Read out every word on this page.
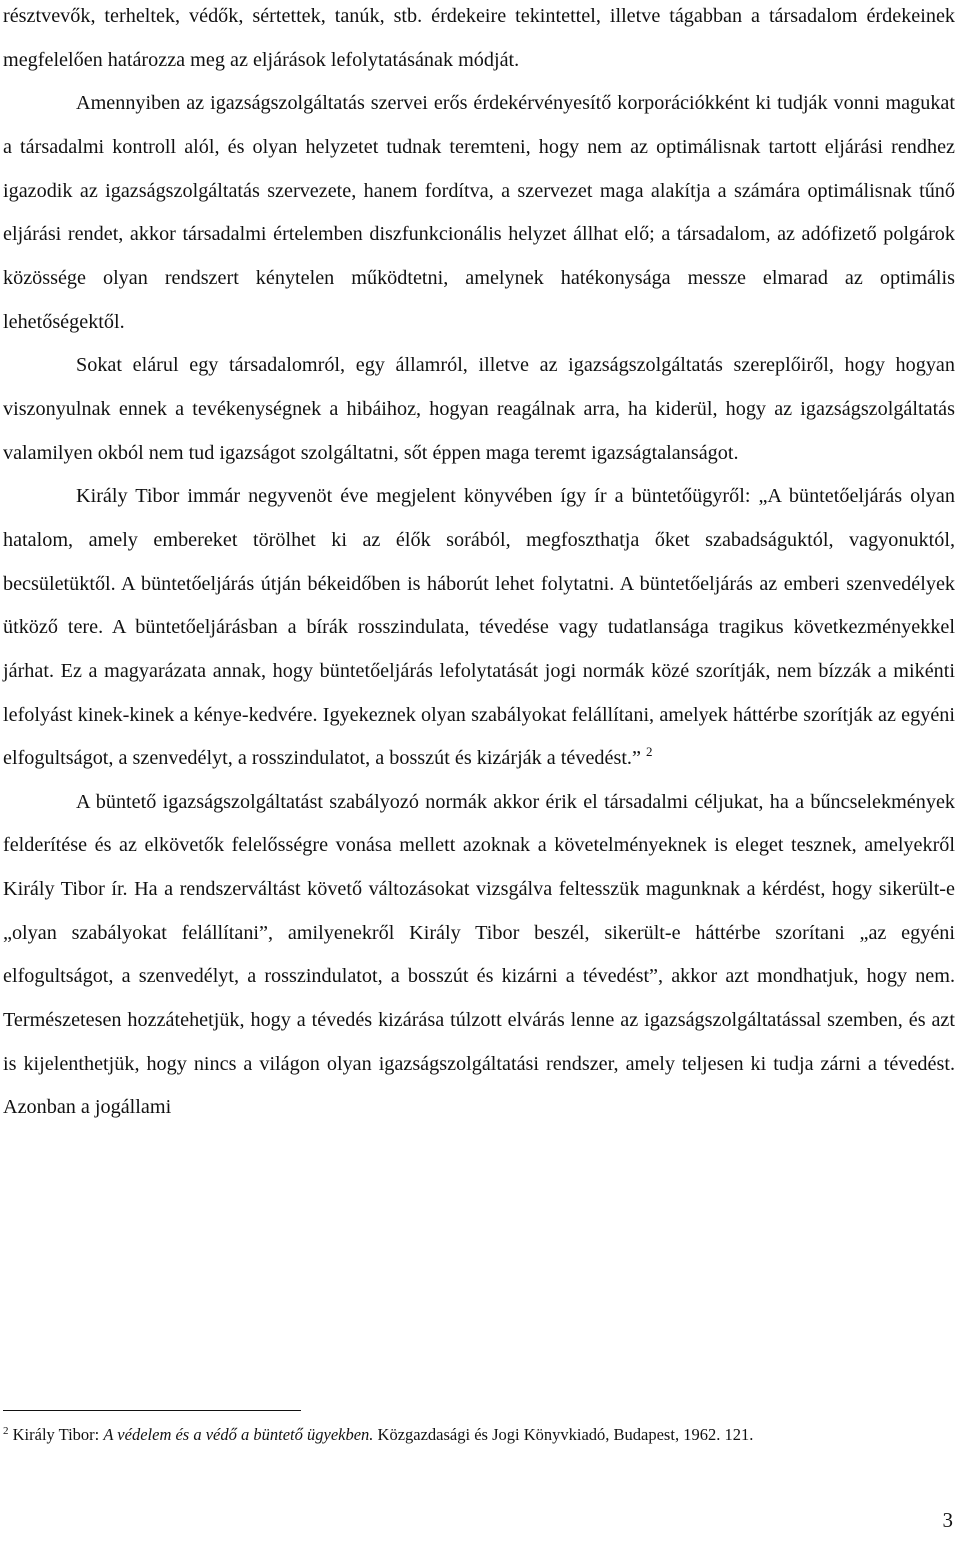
résztvevők, terheltek, védők, sértettek, tanúk, stb. érdekeire tekintettel, illetve tágabban a társadalom érdekeinek megfelelően határozza meg az eljárások lefolytatásának módját.

Amennyiben az igazságszolgáltatás szervei erős érdekérvényesítő korporációkként ki tudják vonni magukat a társadalmi kontroll alól, és olyan helyzetet tudnak teremteni, hogy nem az optimálisnak tartott eljárási rendhez igazodik az igazságszolgáltatás szervezete, hanem fordítva, a szervezet maga alakítja a számára optimálisnak tűnő eljárási rendet, akkor társadalmi értelemben diszfunkcionális helyzet állhat elő; a társadalom, az adófizető polgárok közössége olyan rendszert kénytelen működtetni, amelynek hatékonysága messze elmarad az optimális lehetőségektől.

Sokat elárul egy társadalomról, egy államról, illetve az igazságszolgáltatás szereplőiről, hogy hogyan viszonyulnak ennek a tevékenységnek a hibáihoz, hogyan reagálnak arra, ha kiderül, hogy az igazságszolgáltatás valamilyen okból nem tud igazságot szolgáltatni, sőt éppen maga teremt igazságtalanságot.

Király Tibor immár negyvenöt éve megjelent könyvében így ír a büntetőügyről: „A büntetőeljárás olyan hatalom, amely embereket törölhet ki az élők sorából, megfoszthatja őket szabadságuktól, vagyonuktól, becsületüktől. A büntetőeljárás útján békeidőben is háborút lehet folytatni. A büntetőeljárás az emberi szenvedélyek ütköző tere. A büntetőeljárásban a bírák rosszindulata, tévedése vagy tudatlansága tragikus következményekkel járhat. Ez a magyarázata annak, hogy büntetőeljárás lefolytatását jogi normák közé szorítják, nem bízzák a mikénti lefolyást kinek-kinek a kénye-kedvére. Igyekeznek olyan szabályokat felállítani, amelyek háttérbe szorítják az egyéni elfogultságot, a szenvedélyt, a rosszindulatot, a bosszút és kizárják a tévedést.” $^2$

A büntető igazságszolgáltatást szabályozó normák akkor érik el társadalmi céljukat, ha a bűncselekmények felderítése és az elkövetők felelősségre vonása mellett azoknak a követelményeknek is eleget tesznek, amelyekről Király Tibor ír. Ha a rendszerváltást követő változásokat vizsgálva feltesszük magunknak a kérdést, hogy sikerült-e „olyan szabályokat felállítani”, amilyenekről Király Tibor beszél, sikerült-e háttérbe szorítani „az egyéni elfogultságot, a szenvedélyt, a rosszindulatot, a bosszút és kizárni a tévedést”, akkor azt mondhatjuk, hogy nem. Természetesen hozzátehetjük, hogy a tévedés kizárása túlzott elvárás lenne az igazságszolgáltatással szemben, és azt is kijelenthetjük, hogy nincs a világon olyan igazságszolgáltatási rendszer, amely teljesen ki tudja zárni a tévedést. Azonban a jogállami

$^2$ Király Tibor: A védelem és a védő a büntető ügyekben. Közgazdasági és Jogi Könyvkiadó, Budapest, 1962. 121.
3
